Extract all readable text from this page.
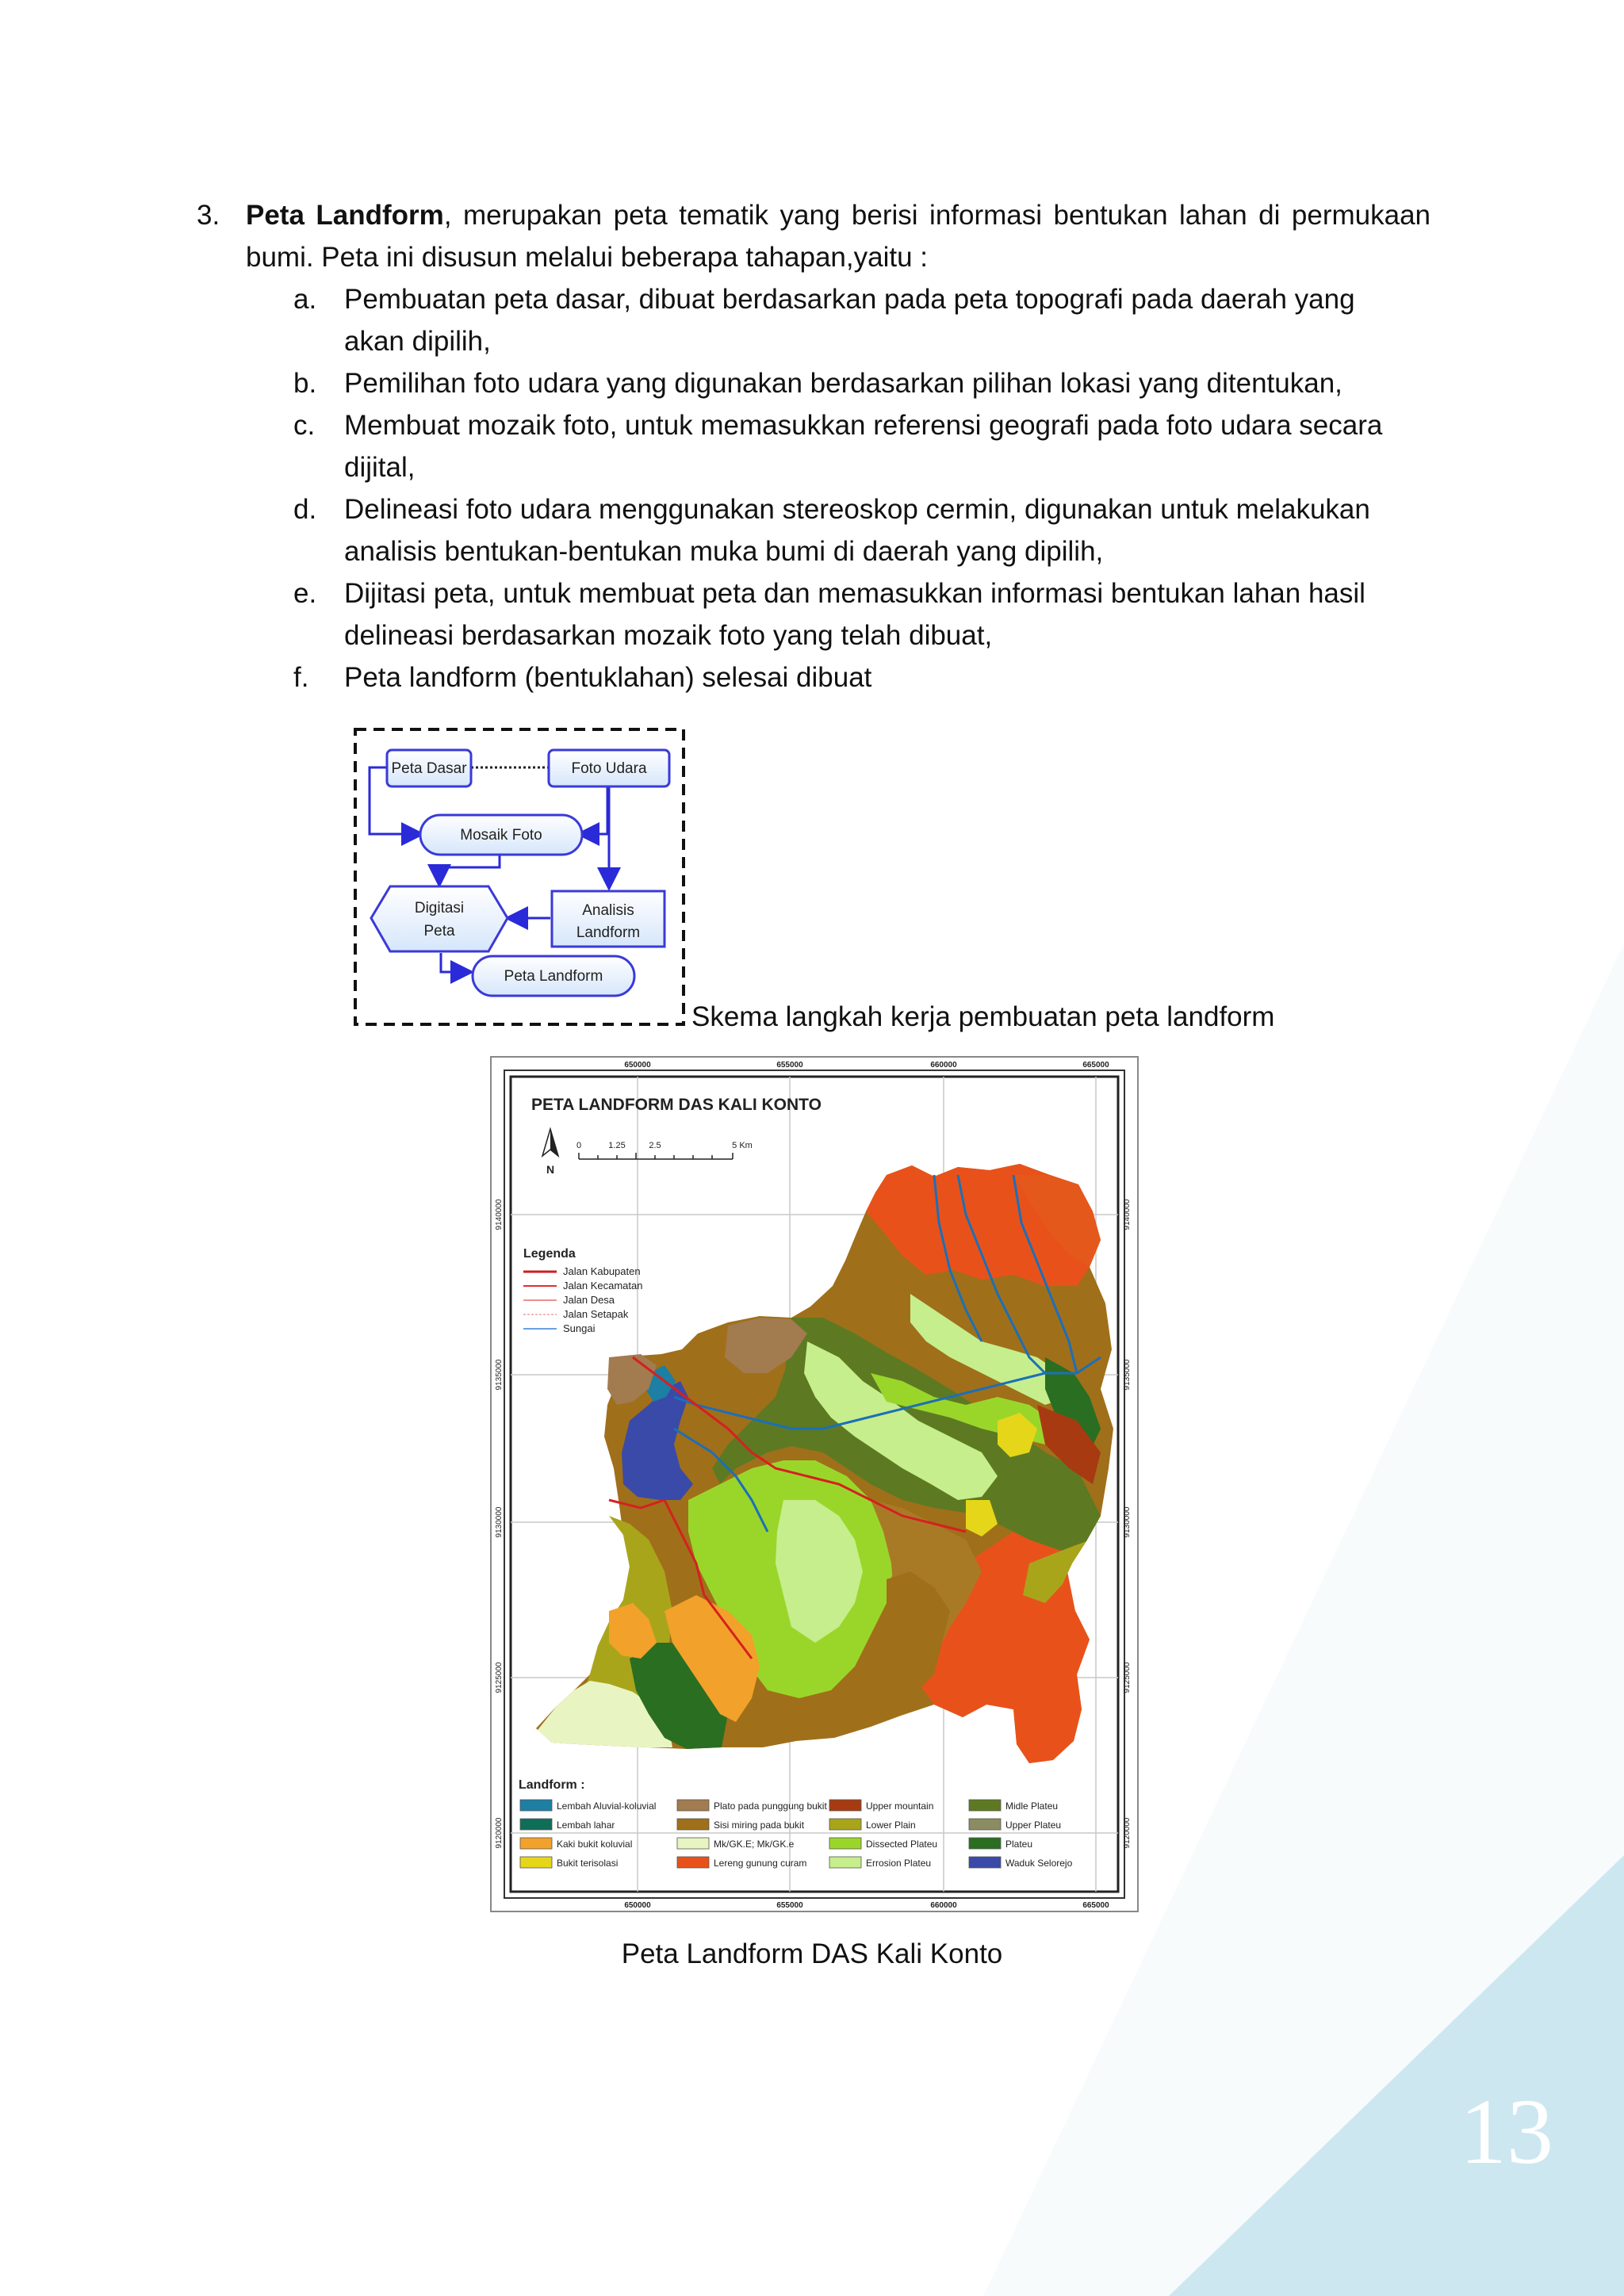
3. Peta Landform, merupakan peta tematik yang berisi informasi bentukan lahan di permukaan bumi. Peta ini disusun melalui beberapa tahapan,yaitu :
a. Pembuatan peta dasar, dibuat berdasarkan pada peta topografi pada daerah yang akan dipilih,
b. Pemilihan foto udara yang digunakan berdasarkan pilihan lokasi yang ditentukan,
c. Membuat mozaik foto, untuk memasukkan referensi geografi pada foto udara secara dijital,
d. Delineasi foto udara menggunakan stereoskop cermin, digunakan untuk melakukan analisis bentukan-bentukan muka bumi di daerah yang dipilih,
e. Dijitasi peta, untuk membuat peta dan memasukkan informasi bentukan lahan hasil delineasi berdasarkan mozaik foto yang telah dibuat,
f. Peta landform (bentuklahan) selesai dibuat
Peta Dasar	Foto Udara
Mosaik Foto
Digitasi
Peta
Analisis
Landform
Peta Landform
Skema langkah kerja pembuatan peta landform
650000	655000	660000	665000
650000	655000	660000	665000
9140000
9135000
9130000
9125000
9120000
9140000
9135000
9130000
9125000
9120000
PETA LANDFORM DAS KALI KONTO
N
0	1.25	2.5	5 Km
Legenda
Jalan Kabupaten
Jalan Kecamatan
Jalan Desa
Jalan Setapak
Sungai
Landform :
Lembah Aluvial-koluvial
Lembah lahar
Kaki bukit koluvial
Bukit terisolasi
Plato pada punggung bukit
Sisi miring pada bukit
Mk/GK.E; Mk/GK.e
Lereng gunung curam
Upper mountain
Lower Plain
Dissected Plateu
Errosion Plateu
Midle Plateu
Upper Plateu
Plateu
Waduk Selorejo
Peta Landform DAS Kali Konto
13
